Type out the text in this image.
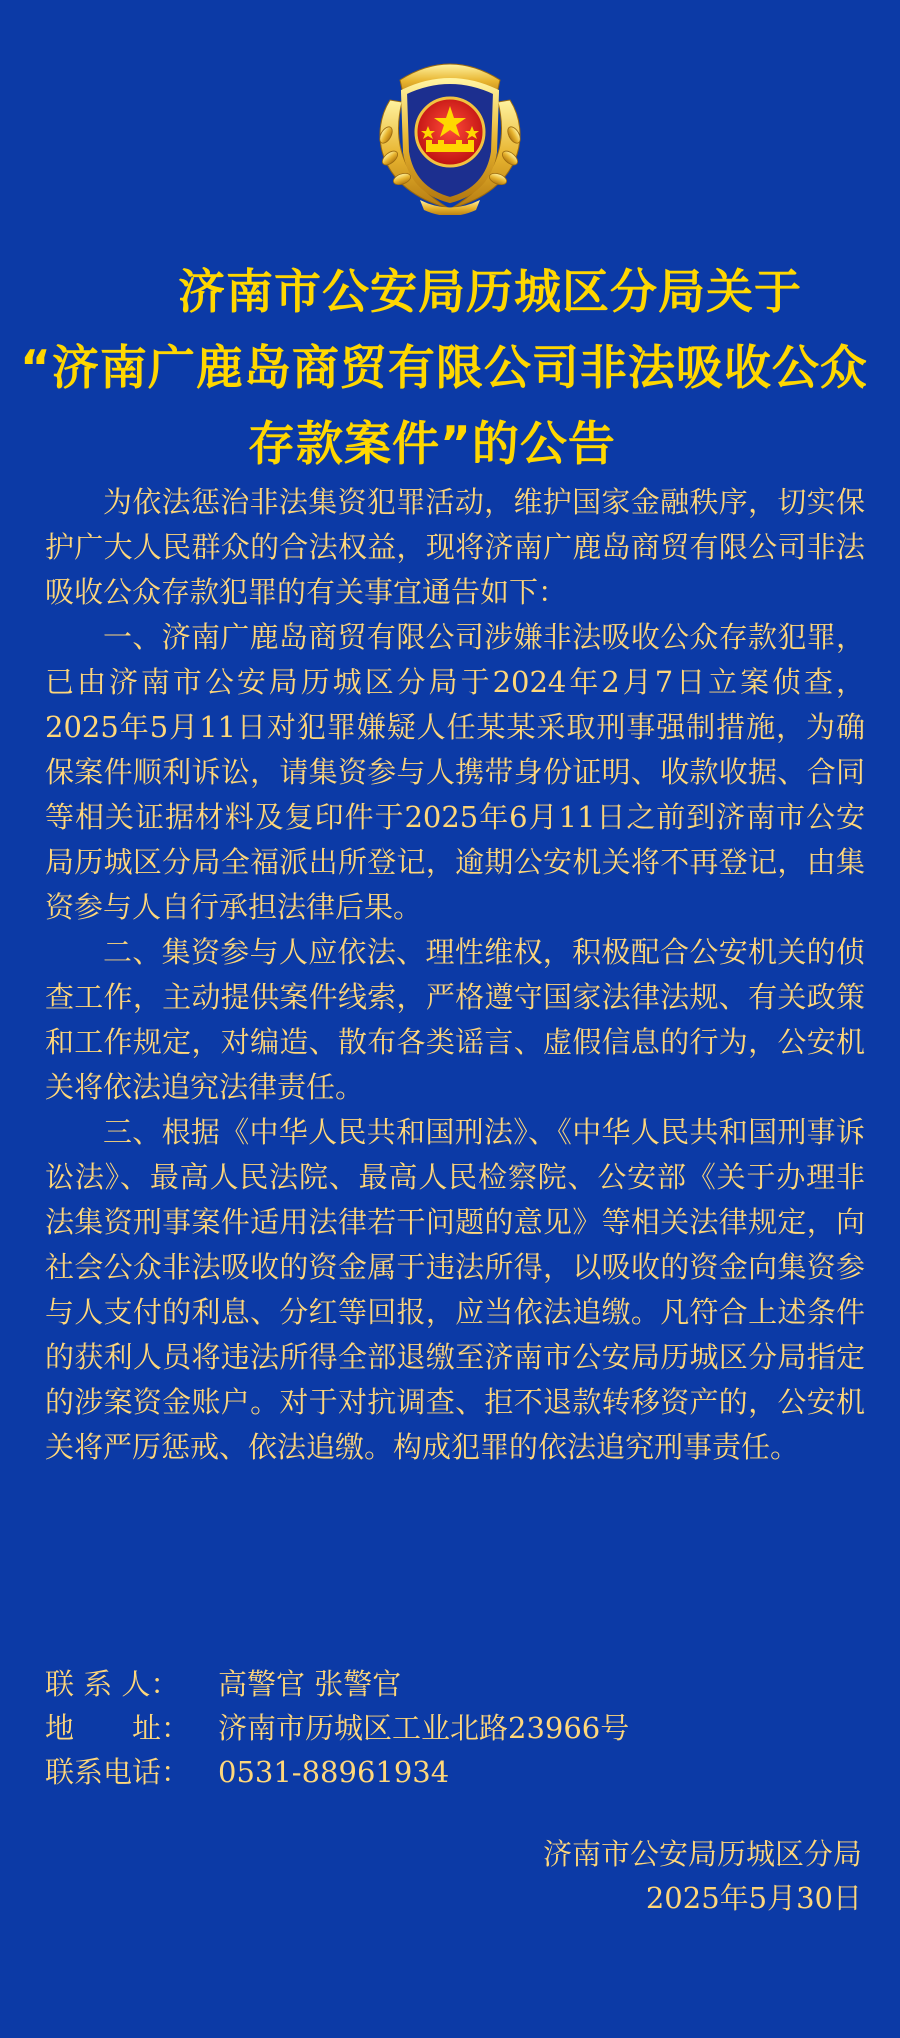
济南市公安局历城区分局关于
“济南广鹿岛商贸有限公司非法吸收公众
存款案件”的公告

为依法惩治非法集资犯罪活动，维护国家金融秩序，切实保护广大人民群众的合法权益，现将济南广鹿岛商贸有限公司非法吸收公众存款犯罪的有关事宜通告如下：

一、济南广鹿岛商贸有限公司涉嫌非法吸收公众存款犯罪，已由济南市公安局历城区分局于2024年2月7日立案侦查，2025年5月11日对犯罪嫌疑人任某某采取刑事强制措施，为确保案件顺利诉讼，请集资参与人携带身份证明、收款收据、合同等相关证据材料及复印件于2025年6月11日之前到济南市公安局历城区分局全福派出所登记，逾期公安机关将不再登记，由集资参与人自行承担法律后果。

二、集资参与人应依法、理性维权，积极配合公安机关的侦查工作，主动提供案件线索，严格遵守国家法律法规、有关政策和工作规定，对编造、散布各类谣言、虚假信息的行为，公安机关将依法追究法律责任。

三、根据《中华人民共和国刑法》、《中华人民共和国刑事诉讼法》、最高人民法院、最高人民检察院、公安部《关于办理非法集资刑事案件适用法律若干问题的意见》等相关法律规定，向社会公众非法吸收的资金属于违法所得，以吸收的资金向集资参与人支付的利息、分红等回报，应当依法追缴。凡符合上述条件的获利人员将违法所得全部退缴至济南市公安局历城区分局指定的涉案资金账户。对于对抗调查、拒不退款转移资产的，公安机关将严厉惩戒、依法追缴。构成犯罪的依法追究刑事责任。

联 系 人： 高警官 张警官
地　　址： 济南市历城区工业北路23966号
联系电话： 0531-88961934
济南市公安局历城区分局
2025年5月30日
